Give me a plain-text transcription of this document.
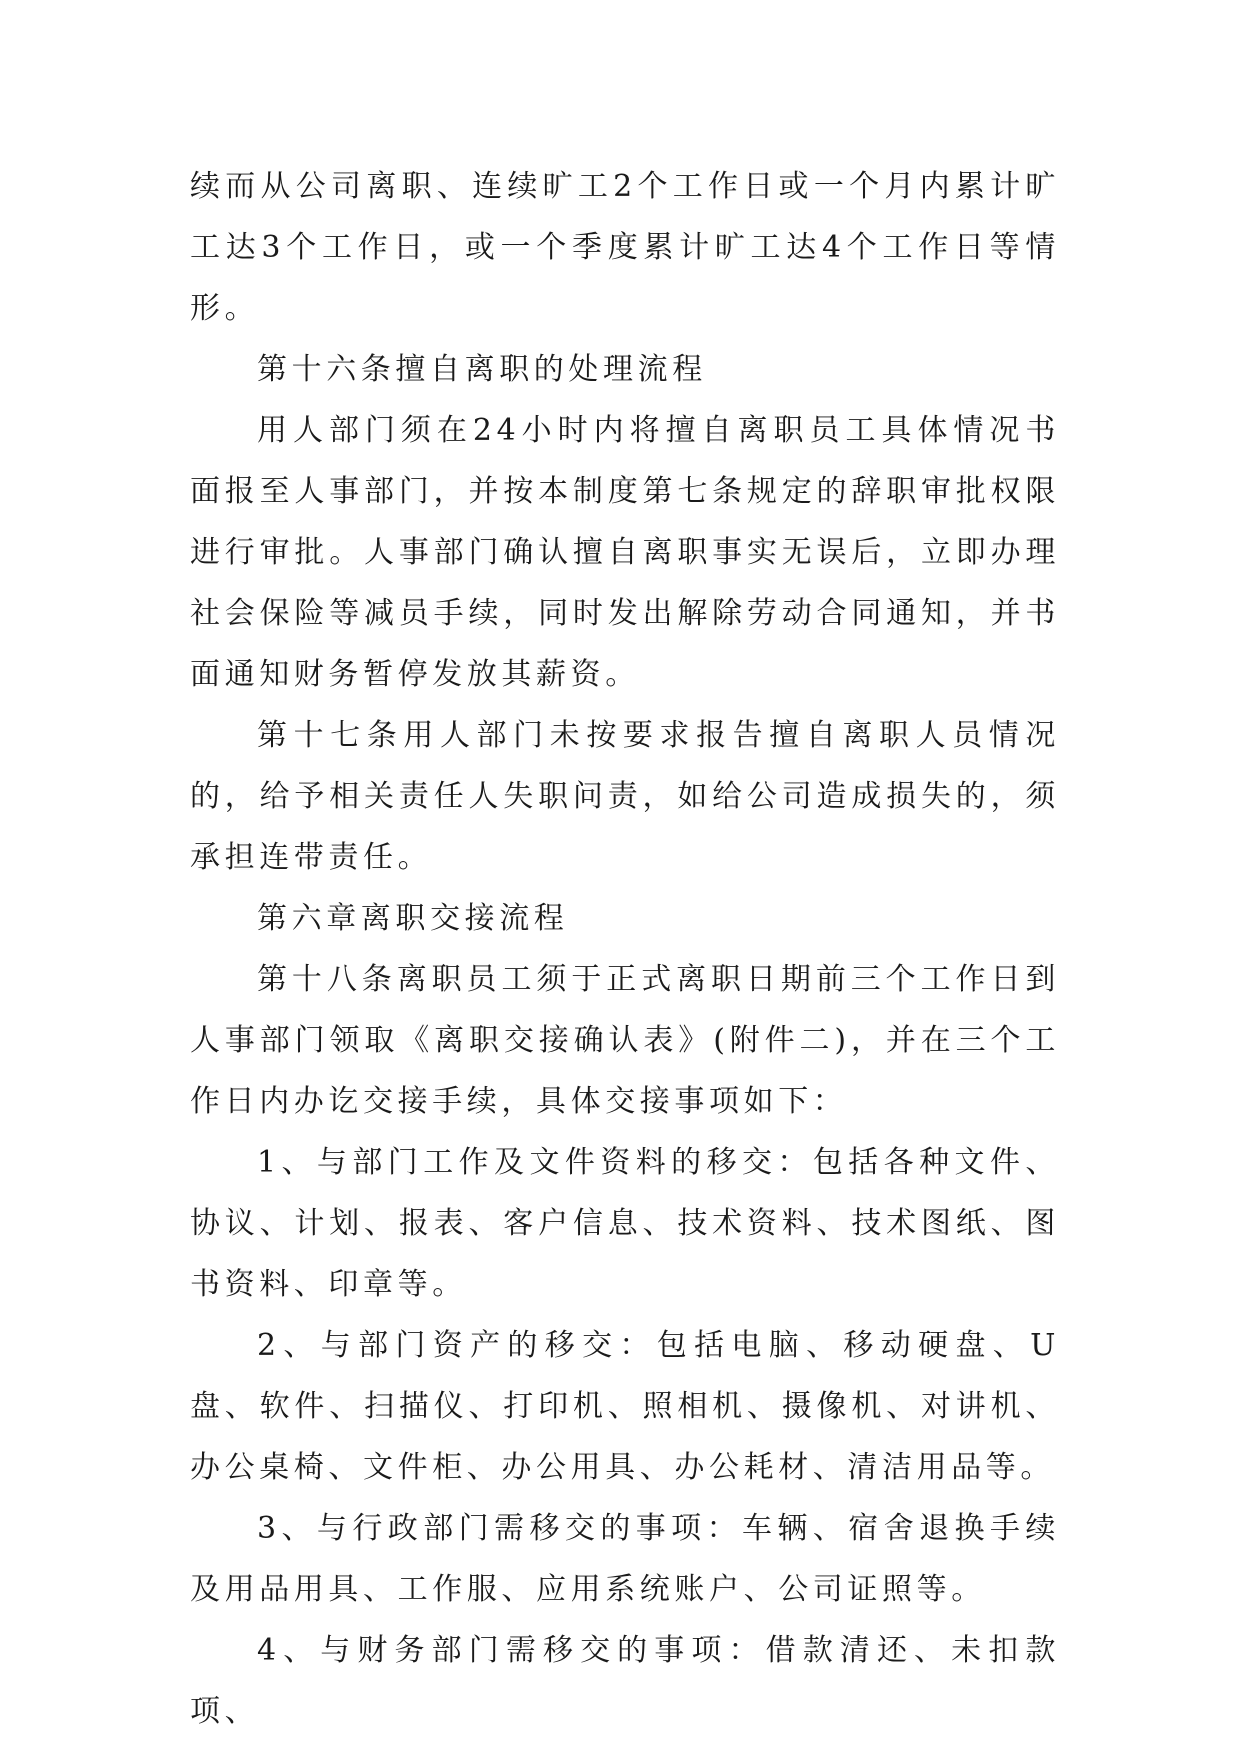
续而从公司离职、连续旷工2个工作日或一个月内累计旷工达3个工作日，或一个季度累计旷工达4个工作日等情形。

第十六条擅自离职的处理流程

用人部门须在24小时内将擅自离职员工具体情况书面报至人事部门，并按本制度第七条规定的辞职审批权限进行审批。人事部门确认擅自离职事实无误后，立即办理社会保险等减员手续，同时发出解除劳动合同通知，并书面通知财务暂停发放其薪资。

第十七条用人部门未按要求报告擅自离职人员情况的，给予相关责任人失职问责，如给公司造成损失的，须承担连带责任。

第六章离职交接流程

第十八条离职员工须于正式离职日期前三个工作日到人事部门领取《离职交接确认表》(附件二)，并在三个工作日内办讫交接手续，具体交接事项如下：

1、与部门工作及文件资料的移交：包括各种文件、协议、计划、报表、客户信息、技术资料、技术图纸、图书资料、印章等。

2、与部门资产的移交：包括电脑、移动硬盘、U盘、软件、扫描仪、打印机、照相机、摄像机、对讲机、办公桌椅、文件柜、办公用具、办公耗材、清洁用品等。

3、与行政部门需移交的事项：车辆、宿舍退换手续及用品用具、工作服、应用系统账户、公司证照等。

4、与财务部门需移交的事项：借款清还、未扣款项、
